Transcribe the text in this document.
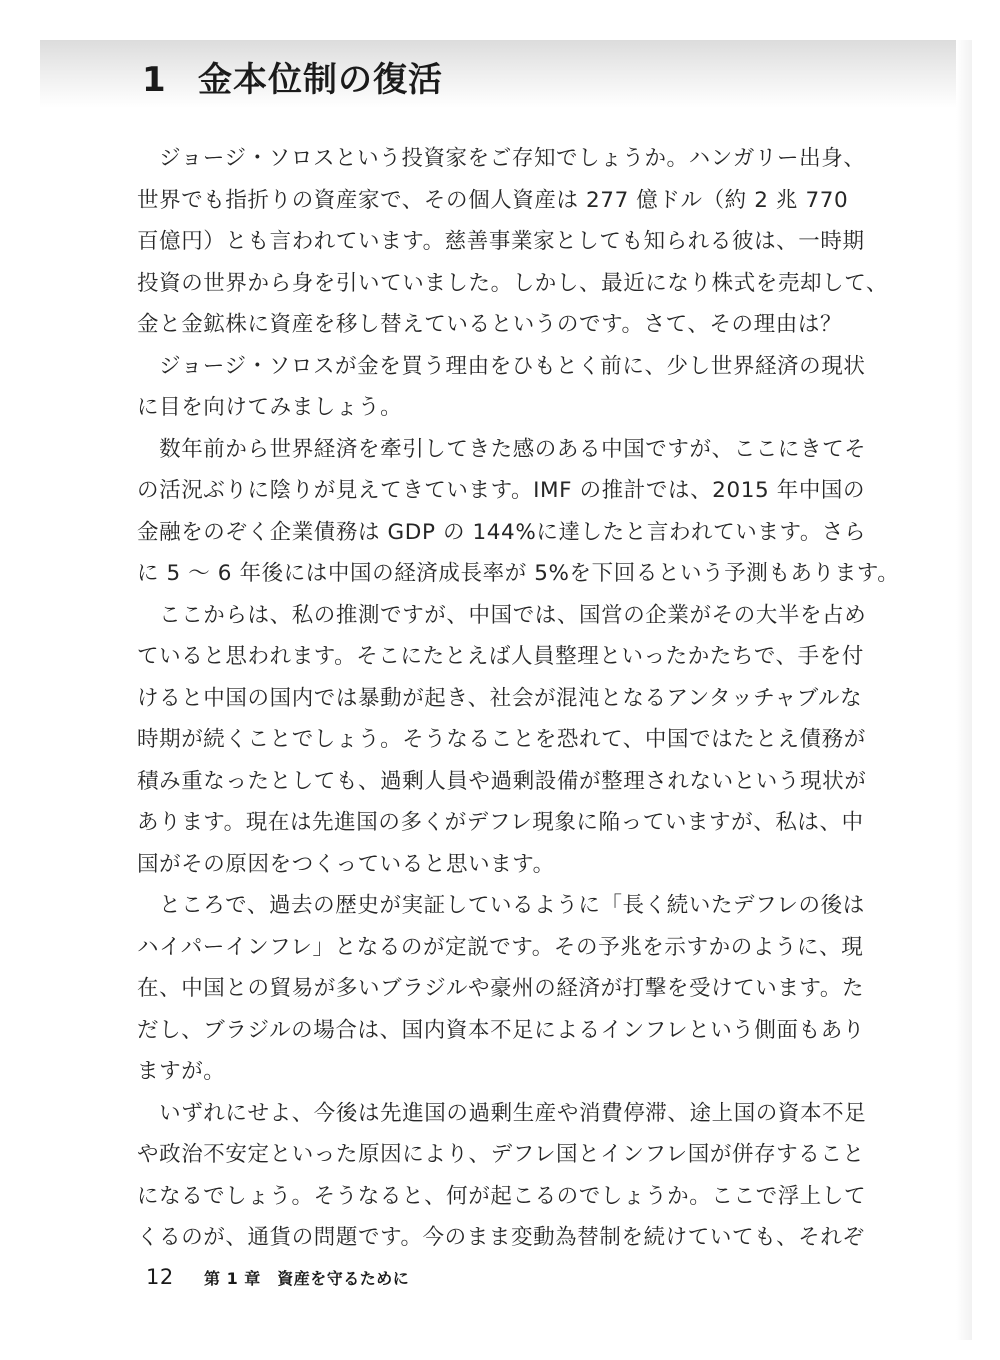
1 金本位制の復活
　ジョージ・ソロスという投資家をご存知でしょうか。ハンガリー出身、
世界でも指折りの資産家で、その個人資産は 277 億ドル（約 2 兆 770
百億円）とも言われています。慈善事業家としても知られる彼は、一時期
投資の世界から身を引いていました。しかし、最近になり株式を売却して、
金と金鉱株に資産を移し替えているというのです。さて、その理由は？
　ジョージ・ソロスが金を買う理由をひもとく前に、少し世界経済の現状
に目を向けてみましょう。
　数年前から世界経済を牽引してきた感のある中国ですが、ここにきてそ
の活況ぶりに陰りが見えてきています。IMF の推計では、2015 年中国の
金融をのぞく企業債務は GDP の 144%に達したと言われています。さら
に 5 〜 6 年後には中国の経済成長率が 5%を下回るという予測もあります。
　ここからは、私の推測ですが、中国では、国営の企業がその大半を占め
ていると思われます。そこにたとえば人員整理といったかたちで、手を付
けると中国の国内では暴動が起き、社会が混沌となるアンタッチャブルな
時期が続くことでしょう。そうなることを恐れて、中国ではたとえ債務が
積み重なったとしても、過剰人員や過剰設備が整理されないという現状が
あります。現在は先進国の多くがデフレ現象に陥っていますが、私は、中
国がその原因をつくっていると思います。
　ところで、過去の歴史が実証しているように「長く続いたデフレの後は
ハイパーインフレ」となるのが定説です。その予兆を示すかのように、現
在、中国との貿易が多いブラジルや豪州の経済が打撃を受けています。た
だし、ブラジルの場合は、国内資本不足によるインフレという側面もあり
ますが。
　いずれにせよ、今後は先進国の過剰生産や消費停滞、途上国の資本不足
や政治不安定といった原因により、デフレ国とインフレ国が併存すること
になるでしょう。そうなると、何が起こるのでしょうか。ここで浮上して
くるのが、通貨の問題です。今のまま変動為替制を続けていても、それぞ
12	第 1 章　資産を守るために
